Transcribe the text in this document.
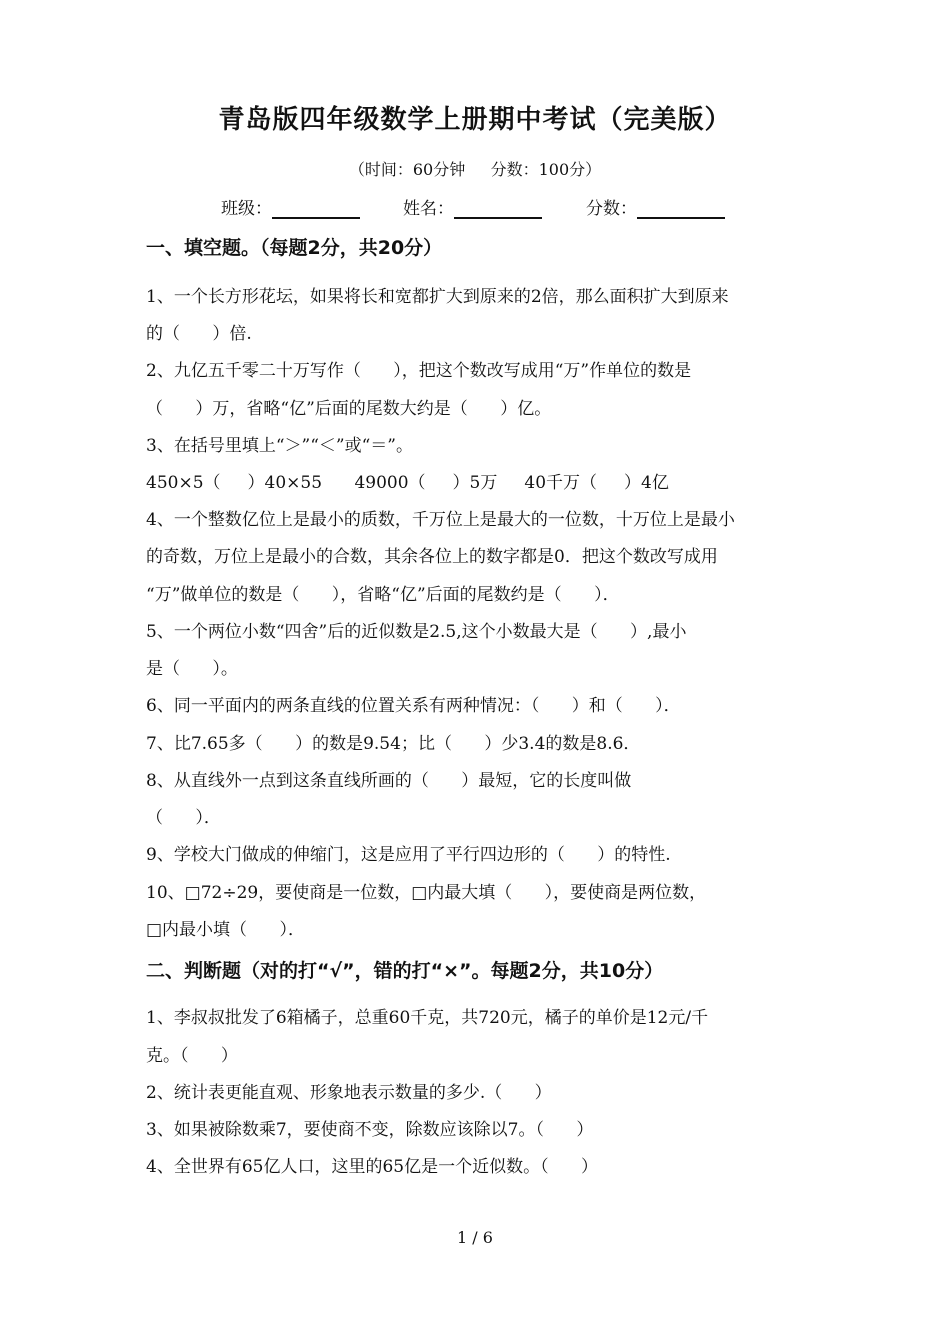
青岛版四年级数学上册期中考试（完美版）
（时间：60分钟     分数：100分）
班级：	姓名：	分数：
一、填空题。（每题2分，共20分）
1、一个长方形花坛，如果将长和宽都扩大到原来的2倍，那么面积扩大到原来
的（      ）倍.
2、九亿五千零二十万写作（      ），把这个数改写成用“万”作单位的数是
（      ）万，省略“亿”后面的尾数大约是（      ）亿。
3、在括号里填上“＞”“＜”或“＝”。
450×5（     ）40×55      49000（     ）5万     40千万（     ）4亿
4、一个整数亿位上是最小的质数，千万位上是最大的一位数，十万位上是最小
的奇数，万位上是最小的合数，其余各位上的数字都是0．把这个数改写成用
“万”做单位的数是（      ），省略“亿”后面的尾数约是（      ）．
5、一个两位小数“四舍”后的近似数是2.5,这个小数最大是（      ）,最小
是（      ）。
6、同一平面内的两条直线的位置关系有两种情况：（      ）和（      ）．
7、比7.65多（      ）的数是9.54；比（      ）少3.4的数是8.6．
8、从直线外一点到这条直线所画的（      ）最短，它的长度叫做
（      ）．
9、学校大门做成的伸缩门，这是应用了平行四边形的（      ）的特性.
10、□72÷29，要使商是一位数，□内最大填（      ），要使商是两位数，
□内最小填（      ）．
二、判断题（对的打“√”，错的打“×”。每题2分，共10分）
1、李叔叔批发了6箱橘子，总重60千克，共720元，橘子的单价是12元/千
克。（      ）
2、统计表更能直观、形象地表示数量的多少.（      ）
3、如果被除数乘7，要使商不变，除数应该除以7。（      ）
4、全世界有65亿人口，这里的65亿是一个近似数。（      ）
1 / 6
